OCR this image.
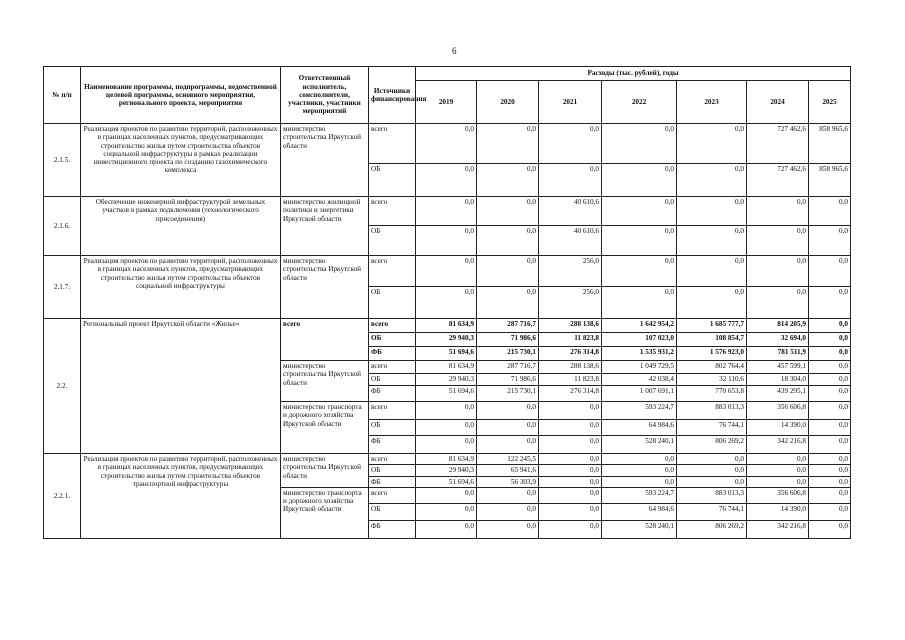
6
№ п/п	Наименование программы, подпрограммы, ведомственной целевой программы, основного мероприятия, регионального проекта, мероприятия	Ответственный исполнитель, соисполнители, участники, участники мероприятий	Источники финансирования	Расходы (тыс. рублей), годы						
				2019	2020	2021	2022	2023	2024	2025
2.1.5.	Реализация проектов по развитию территорий, расположенных в границах населенных пунктов, предусматривающих строительство жилья путем строительства объектов социальной инфраструктуры в рамках реализации инвестиционного проекта по созданию газохимического комплекса	министерство строительства Иркутской области	всего	0,0	0,0	0,0	0,0	0,0	727 462,6	858 965,6
			ОБ	0,0	0,0	0,0	0,0	0,0	727 462,6	858 965,6
2.1.6.	Обеспечение инженерной инфраструктурой земельных участков в рамках подключения (технологического присоединения)	министерство жилищной политики и энергетики Иркутской области	всего	0,0	0,0	40 610,6	0,0	0,0	0,0	0,0
			ОБ	0,0	0,0	40 610,6	0,0	0,0	0,0	0,0
2.1.7.	Реализация проектов по развитию территорий, расположенных в границах населенных пунктов, предусматривающих строительство жилья путем строительства объектов социальной инфраструктуры	министерство строительства Иркутской области	всего	0,0	0,0	256,0	0,0	0,0	0,0	0,0
			ОБ	0,0	0,0	256,0	0,0	0,0	0,0	0,0
2.2.	Региональный проект Иркутской области «Жилье»	всего	всего	81 634,9	287 716,7	288 138,6	1 642 954,2	1 685 777,7	814 205,9	0,0
			ОБ	29 940,3	71 986,6	11 823,8	107 023,0	108 854,7	32 694,0	0,0
			ФБ	51 694,6	215 730,1	276 314,8	1 535 931,2	1 576 923,0	781 511,9	0,0
		министерство строительства Иркутской области	всего	81 634,9	287 716,7	288 138,6	1 049 729,5	802 764,4	457 599,1	0,0
			ОБ	29 940,3	71 986,6	11 823,8	42 038,4	32 110,6	18 304,0	0,0
			ФБ	51 694,6	215 730,1	276 314,8	1 007 691,1	770 653,8	439 295,1	0,0
		министерство транспорта и дорожного хозяйства Иркутской области	всего	0,0	0,0	0,0	593 224,7	883 013,3	356 606,8	0,0
			ОБ	0,0	0,0	0,0	64 984,6	76 744,1	14 390,0	0,0
			ФБ	0,0	0,0	0,0	528 240,1	806 269,2	342 216,8	0,0
2.2.1.	Реализация проектов по развитию территорий, расположенных в границах населенных пунктов, предусматривающих строительство жилья путем строительства объектов транспортной инфраструктуры	министерство строительства Иркутской области	всего	81 634,9	122 245,5	0,0	0,0	0,0	0,0	0,0
			ОБ	29 940,3	65 941,6	0,0	0,0	0,0	0,0	0,0
			ФБ	51 694,6	56 303,9	0,0	0,0	0,0	0,0	0,0
		министерство транспорта и дорожного хозяйства Иркутской области	всего	0,0	0,0	0,0	593 224,7	883 013,3	356 606,8	0,0
			ОБ	0,0	0,0	0,0	64 984,6	76 744,1	14 390,0	0,0
			ФБ	0,0	0,0	0,0	528 240,1	806 269,2	342 216,8	0,0
